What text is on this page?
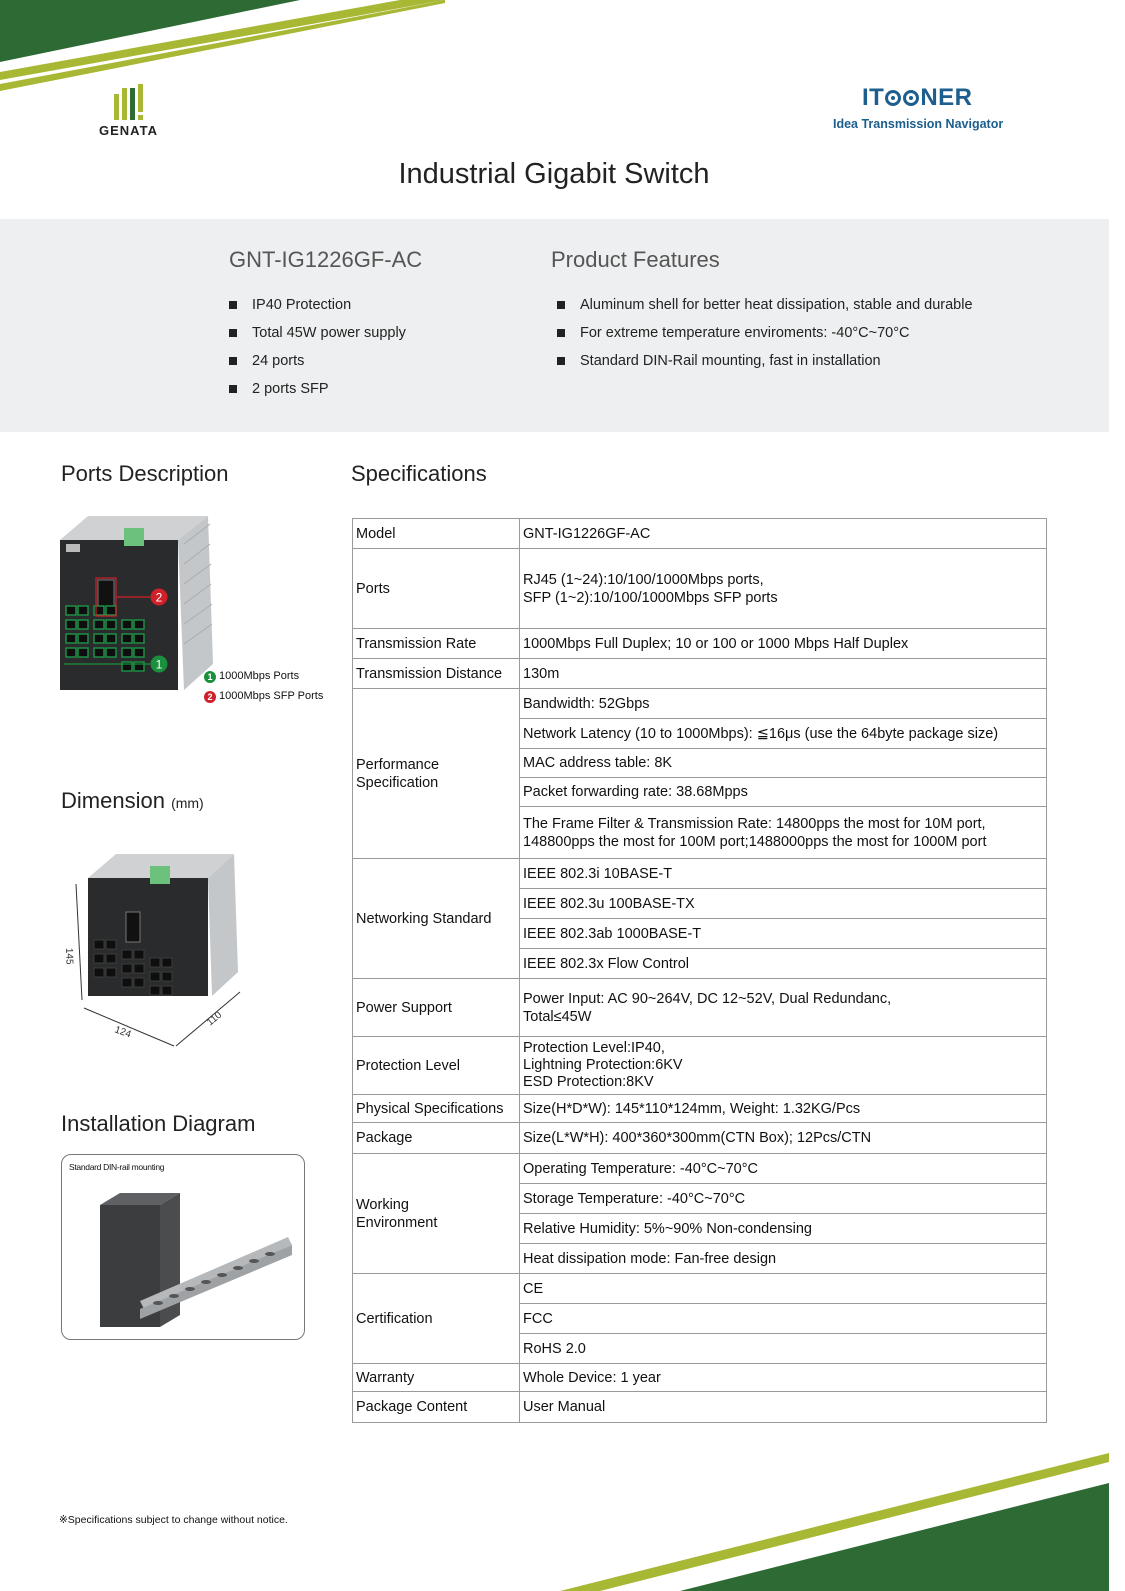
GENATA
IT NER
Idea Transmission Navigator
Industrial Gigabit Switch
GNT-IG1226GF-AC
IP40 Protection
Total 45W power supply
24 ports
2 ports SFP
Product Features
Aluminum shell for better heat dissipation, stable and durable
For extreme temperature enviroments: -40°C~70°C
Standard DIN-Rail mounting, fast in installation
Ports Description
2
1
1 1000Mbps Ports
2 1000Mbps SFP Ports
Dimension (mm)
145
124
110
Installation Diagram
Standard DIN-rail mounting
Specifications
Model	GNT-IG1226GF-AC
Ports	RJ45 (1~24):10/100/1000Mbps ports,
SFP (1~2):10/100/1000Mbps SFP ports
Transmission Rate	1000Mbps Full Duplex; 10 or 100 or 1000 Mbps Half Duplex
Transmission Distance	130m
Performance
Specification	Bandwidth: 52Gbps
	Network Latency (10 to 1000Mbps): ≦16μs (use the 64byte package size)
	MAC address table: 8K
	Packet forwarding rate: 38.68Mpps
	The Frame Filter & Transmission Rate: 14800pps the most for 10M port,
148800pps the most for 100M port;1488000pps the most for 1000M port
Networking Standard	IEEE 802.3i 10BASE-T
	IEEE 802.3u 100BASE-TX
	IEEE 802.3ab 1000BASE-T
	IEEE 802.3x Flow Control
Power Support	Power Input: AC 90~264V, DC 12~52V, Dual Redundanc,
Total≤45W
Protection Level	Protection Level:IP40,
Lightning Protection:6KV
ESD Protection:8KV
Physical Specifications	Size(H*D*W): 145*110*124mm, Weight: 1.32KG/Pcs
Package	Size(L*W*H): 400*360*300mm(CTN Box); 12Pcs/CTN
Working
Environment	Operating Temperature: -40°C~70°C
	Storage Temperature: -40°C~70°C
	Relative Humidity: 5%~90% Non-condensing
	Heat dissipation mode: Fan-free design
Certification	CE
	FCC
	RoHS 2.0
Warranty	Whole Device: 1 year
Package Content	User Manual
※Specifications subject to change without notice.
